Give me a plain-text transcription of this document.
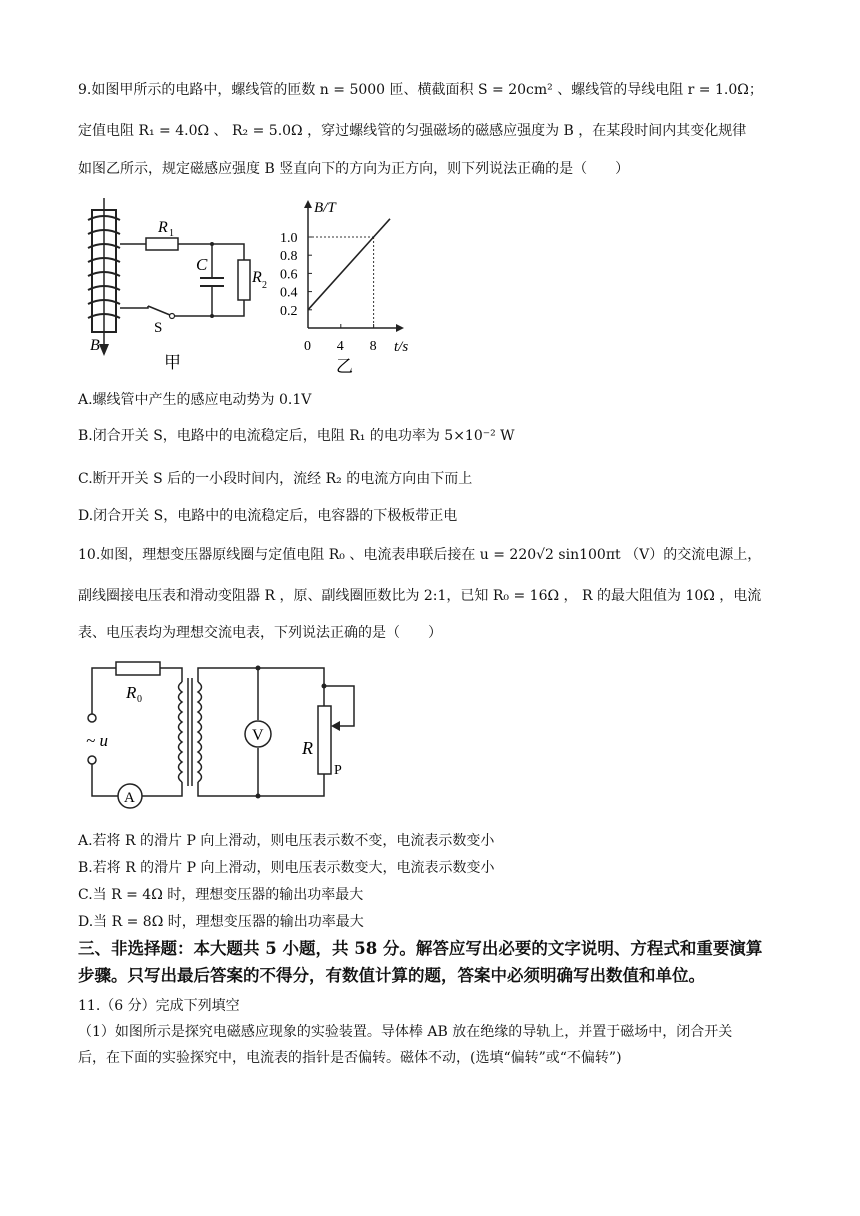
9.如图甲所示的电路中，螺线管的匝数 n = 5000 匝、横截面积 S = 20cm² 、螺线管的导线电阻 r = 1.0Ω；
定值电阻 R₁ = 4.0Ω 、 R₂ = 5.0Ω ，穿过螺线管的匀强磁场的磁感应强度为 B ，在某段时间内其变化规律
如图乙所示，规定磁感应强度 B 竖直向下的方向为正方向，则下列说法正确的是（　　）
R 1
C
R 2
S
B
甲
0.2
0.4
0.6
0.8
1.0
0 4 8
B/T
t/s
乙
A.螺线管中产生的感应电动势为 0.1V
B.闭合开关 S，电路中的电流稳定后，电阻 R₁ 的电功率为 5×10⁻² W
C.断开开关 S 后的一小段时间内，流经 R₂ 的电流方向由下而上
D.闭合开关 S，电路中的电流稳定后，电容器的下极板带正电
10.如图，理想变压器原线圈与定值电阻 R₀ 、电流表串联后接在 u = 220√2 sin100πt （V）的交流电源上，
副线圈接电压表和滑动变阻器 R ，原、副线圈匝数比为 2:1，已知 R₀ = 16Ω ， R 的最大阻值为 10Ω ，电流
表、电压表均为理想交流电表，下列说法正确的是（　　）
R 0
~ u
A
V
R
P
A.若将 R 的滑片 P 向上滑动，则电压表示数不变，电流表示数变小
B.若将 R 的滑片 P 向上滑动，则电压表示数变大，电流表示数变小
C.当 R = 4Ω 时，理想变压器的输出功率最大
D.当 R = 8Ω 时，理想变压器的输出功率最大
三、非选择题：本大题共 5 小题，共 58 分。解答应写出必要的文字说明、方程式和重要演算
步骤。只写出最后答案的不得分，有数值计算的题，答案中必须明确写出数值和单位。
11.（6 分）完成下列填空
（1）如图所示是探究电磁感应现象的实验装置。导体棒 AB 放在绝缘的导轨上，并置于磁场中，闭合开关
后，在下面的实验探究中，电流表的指针是否偏转。磁体不动，(选填“偏转”或“不偏转”)
